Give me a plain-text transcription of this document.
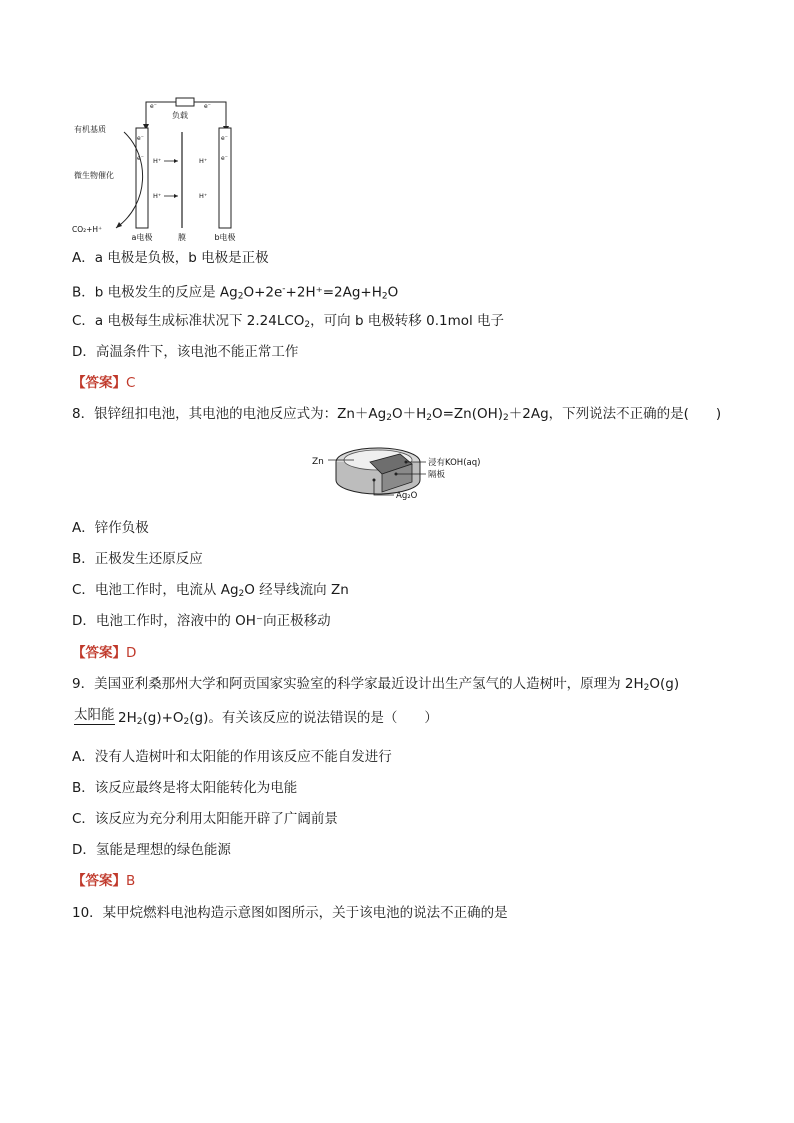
负载
e⁻	e⁻
e⁻
e⁻
e⁻
e⁻
有机基质
微生物催化
CO₂+H⁺
H⁺
H⁺
H⁺
H⁺
a电极	膜	b电极
A．a 电极是负极，b 电极是正极
B．b 电极发生的反应是 $Ag_2O+2e^-+2H^+=2Ag+H_2O$
C．a 电极每生成标准状况下 $2.24LCO_2$，可向 b 电极转移 0.1mol 电子
D．高温条件下，该电池不能正常工作
【答案】C
8．银锌纽扣电池，其电池的电池反应式为：$Zn+Ag_2O+H_2O=Zn(OH)_2+2Ag$，下列说法不正确的是(　　)
Zn	浸有KOH(aq)
隔板
Ag₂O
A．锌作负极
B．正极发生还原反应
C．电池工作时，电流从 $Ag_2O$ 经导线流向 Zn
D．电池工作时，溶液中的 OH⁻向正极移动
【答案】D
9．美国亚利桑那州大学和阿贡国家实验室的科学家最近设计出生产氢气的人造树叶，原理为 $2H_2O(g)$
太阳能 $2H_2(g)+O_2(g)$。有关该反应的说法错误的是（　　）
A．没有人造树叶和太阳能的作用该反应不能自发进行
B．该反应最终是将太阳能转化为电能
C．该反应为充分利用太阳能开辟了广阔前景
D．氢能是理想的绿色能源
【答案】B
10．某甲烷燃料电池构造示意图如图所示，关于该电池的说法不正确的是
